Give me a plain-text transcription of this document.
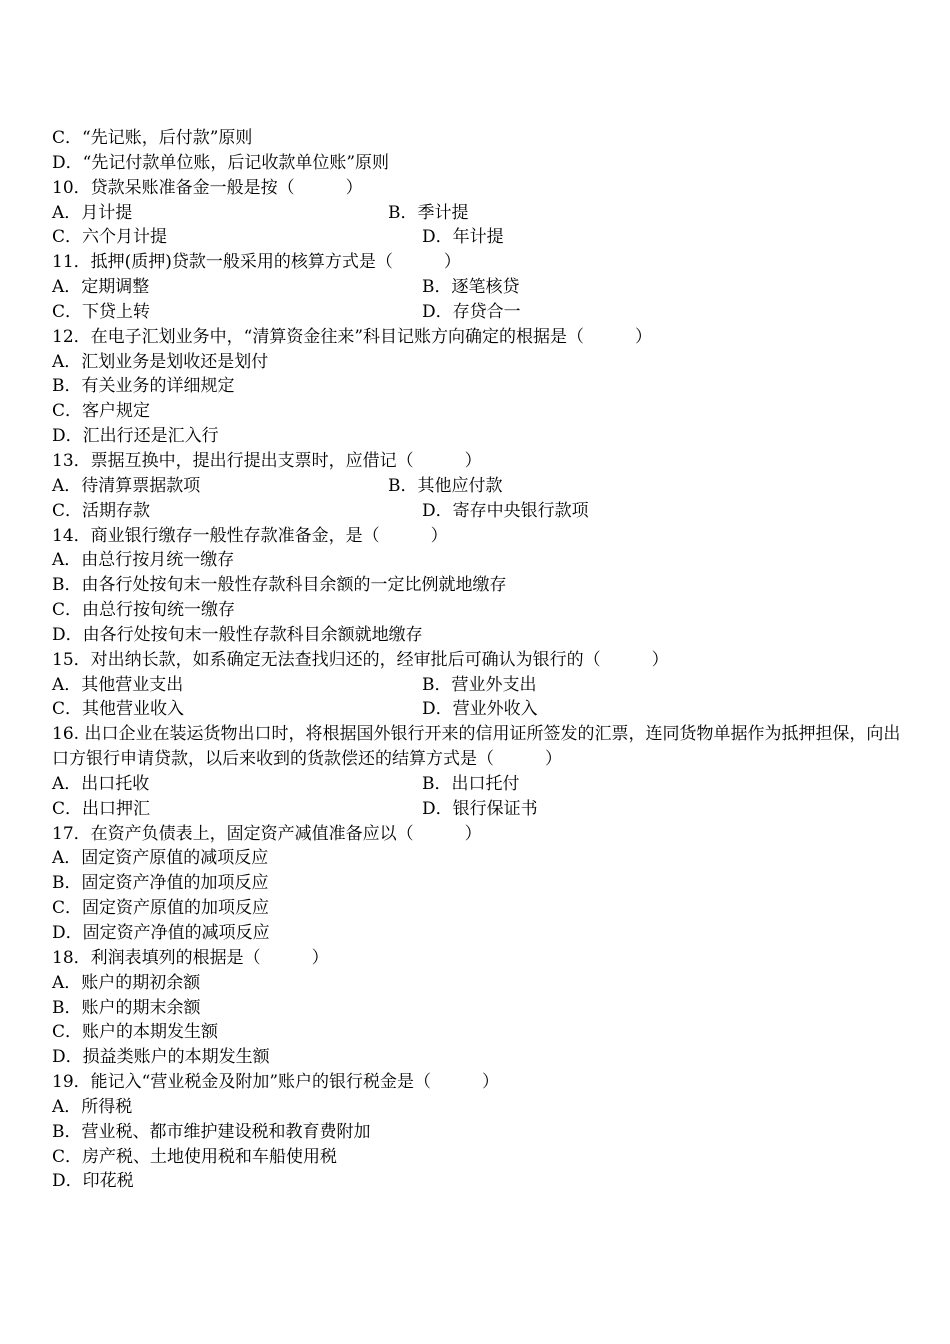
C．“先记账，后付款”原则
D．“先记付款单位账，后记收款单位账”原则
10．贷款呆账准备金一般是按（　　　）
A．月计提	B．季计提
C．六个月计提	D．年计提
11．抵押(质押)贷款一般采用的核算方式是（　　　）
A．定期调整	B．逐笔核贷
C．下贷上转	D．存贷合一
12．在电子汇划业务中，“清算资金往来”科目记账方向确定的根据是（　　　）
A．汇划业务是划收还是划付
B．有关业务的详细规定
C．客户规定
D．汇出行还是汇入行
13．票据互换中，提出行提出支票时，应借记（　　　）
A．待清算票据款项	B．其他应付款
C．活期存款	D．寄存中央银行款项
14．商业银行缴存一般性存款准备金，是（　　　）
A．由总行按月统一缴存
B．由各行处按旬末一般性存款科目余额的一定比例就地缴存
C．由总行按旬统一缴存
D．由各行处按旬末一般性存款科目余额就地缴存
15．对出纳长款，如系确定无法查找归还的，经审批后可确认为银行的（　　　）
A．其他营业支出	B．营业外支出
C．其他营业收入	D．营业外收入
16. 出口企业在装运货物出口时，将根据国外银行开来的信用证所签发的汇票，连同货物单据作为抵押担保，向出口方银行申请贷款，以后来收到的货款偿还的结算方式是（　　　）
A．出口托收	B．出口托付
C．出口押汇	D．银行保证书
17．在资产负债表上，固定资产减值准备应以（　　　）
A．固定资产原值的减项反应
B．固定资产净值的加项反应
C．固定资产原值的加项反应
D．固定资产净值的减项反应
18．利润表填列的根据是（　　　）
A．账户的期初余额
B．账户的期末余额
C．账户的本期发生额
D．损益类账户的本期发生额
19．能记入“营业税金及附加”账户的银行税金是（　　　）
A．所得税
B．营业税、都市维护建设税和教育费附加
C．房产税、土地使用税和车船使用税
D．印花税
